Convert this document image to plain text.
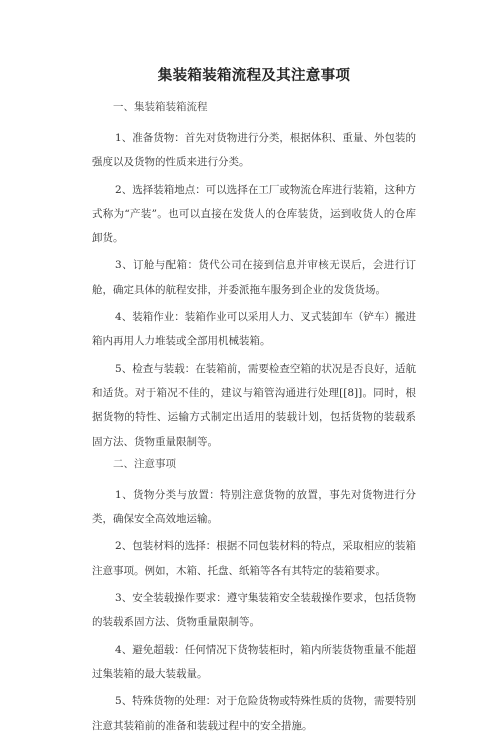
集装箱装箱流程及其注意事项
一、集装箱装箱流程

1、准备货物：首先对货物进行分类，根据体积、重量、外包装的强度以及货物的性质来进行分类。

2、选择装箱地点：可以选择在工厂或物流仓库进行装箱，这种方式称为“产装”。也可以直接在发货人的仓库装货，运到收货人的仓库卸货。

3、订舱与配箱：货代公司在接到信息并审核无误后，会进行订舱，确定具体的航程安排，并委派拖车服务到企业的发货货场。

4、装箱作业：装箱作业可以采用人力、叉式装卸车（铲车）搬进箱内再用人力堆装或全部用机械装箱。

5、检查与装载：在装箱前，需要检查空箱的状况是否良好，适航和适货。对于箱况不佳的，建议与箱管沟通进行处理[[8]]。同时，根据货物的特性、运输方式制定出适用的装载计划，包括货物的装载系固方法、货物重量限制等。

二、注意事项

1、货物分类与放置：特别注意货物的放置，事先对货物进行分类，确保安全高效地运输。

2、包装材料的选择：根据不同包装材料的特点，采取相应的装箱注意事项。例如，木箱、托盘、纸箱等各有其特定的装箱要求。

3、安全装载操作要求：遵守集装箱安全装载操作要求，包括货物的装载系固方法、货物重量限制等。

4、避免超载：任何情况下货物装柜时，箱内所装货物重量不能超过集装箱的最大装载量。

5、特殊货物的处理：对于危险货物或特殊性质的货物，需要特别注意其装箱前的准备和装载过程中的安全措施。
